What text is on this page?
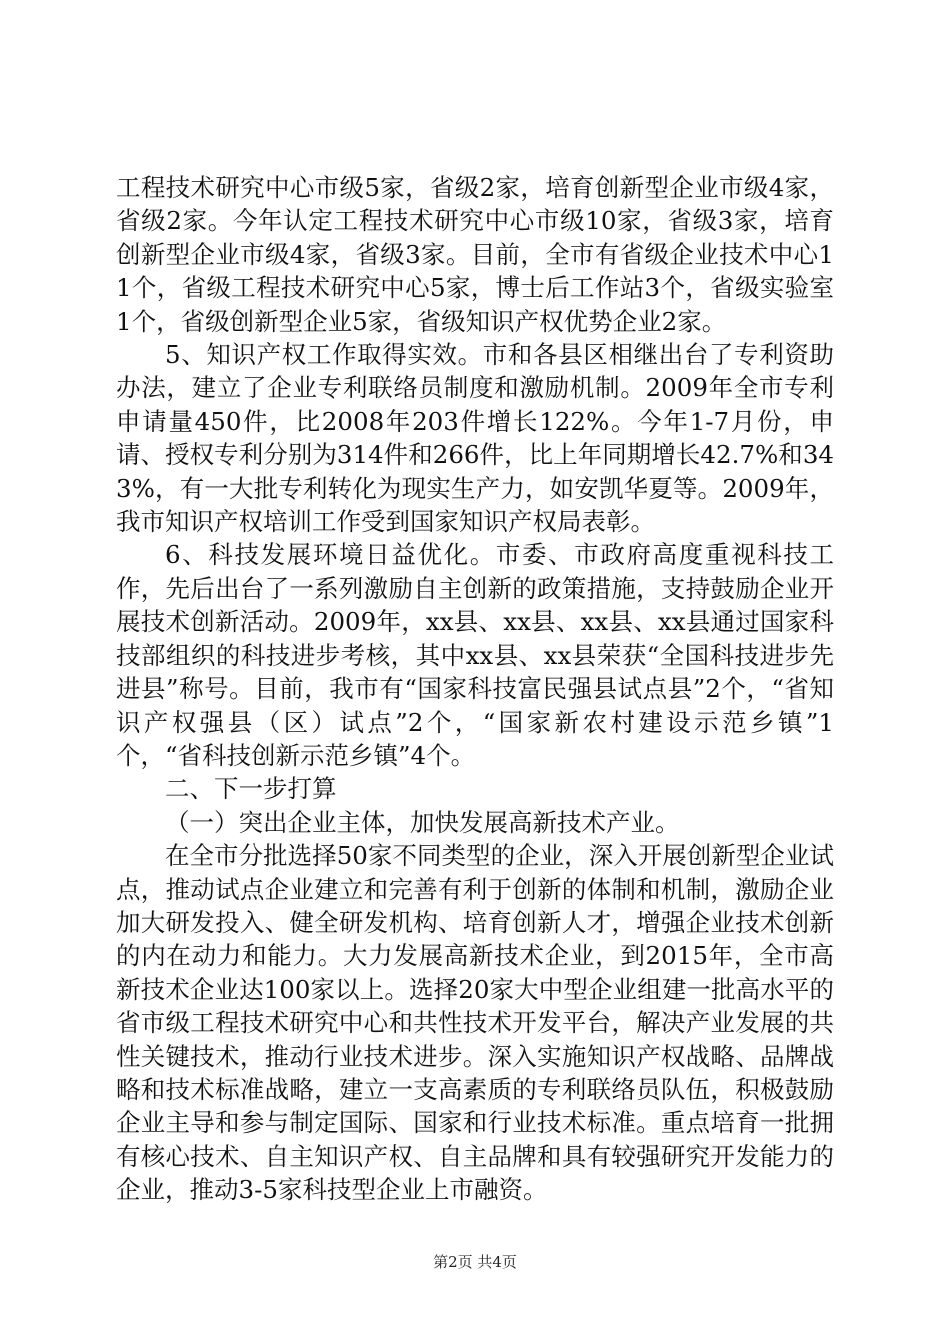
工程技术研究中心市级5家，省级2家，培育创新型企业市级4家，省级2家。今年认定工程技术研究中心市级10家，省级3家，培育创新型企业市级4家，省级3家。目前，全市有省级企业技术中心11个，省级工程技术研究中心5家，博士后工作站3个，省级实验室1个，省级创新型企业5家，省级知识产权优势企业2家。

5、知识产权工作取得实效。市和各县区相继出台了专利资助办法，建立了企业专利联络员制度和激励机制。2009年全市专利申请量450件，比2008年203件增长122%。今年1-7月份，申请、授权专利分别为314件和266件，比上年同期增长42.7%和343%，有一大批专利转化为现实生产力，如安凯华夏等。2009年，我市知识产权培训工作受到国家知识产权局表彰。

6、科技发展环境日益优化。市委、市政府高度重视科技工作，先后出台了一系列激励自主创新的政策措施，支持鼓励企业开展技术创新活动。2009年，xx县、xx县、xx县、xx县通过国家科技部组织的科技进步考核，其中xx县、xx县荣获“全国科技进步先进县”称号。目前，我市有“国家科技富民强县试点县”2个，“省知识产权强县（区）试点”2个，“国家新农村建设示范乡镇”1个，“省科技创新示范乡镇”4个。

二、下一步打算

（一）突出企业主体，加快发展高新技术产业。

在全市分批选择50家不同类型的企业，深入开展创新型企业试点，推动试点企业建立和完善有利于创新的体制和机制，激励企业加大研发投入、健全研发机构、培育创新人才，增强企业技术创新的内在动力和能力。大力发展高新技术企业，到2015年，全市高新技术企业达100家以上。选择20家大中型企业组建一批高水平的省市级工程技术研究中心和共性技术开发平台，解决产业发展的共性关键技术，推动行业技术进步。深入实施知识产权战略、品牌战略和技术标准战略，建立一支高素质的专利联络员队伍，积极鼓励企业主导和参与制定国际、国家和行业技术标准。重点培育一批拥有核心技术、自主知识产权、自主品牌和具有较强研究开发能力的企业，推动3-5家科技型企业上市融资。

第2页 共4页
